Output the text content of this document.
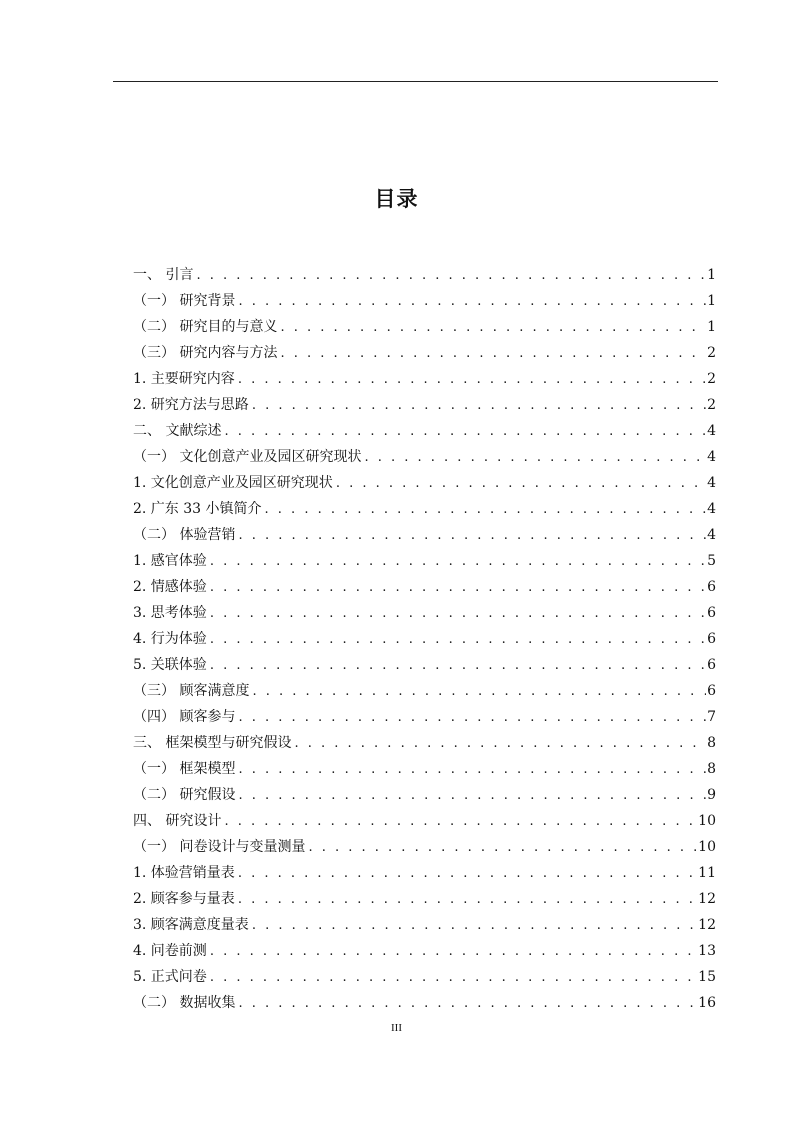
目录
一、 引言 . . .	1
（一） 研究背景 . . .	1
（二） 研究目的与意义 . . .	1
（三） 研究内容与方法 . . .	2
1. 主要研究内容 . . .	2
2. 研究方法与思路 . . .	2
二、 文献综述 . . .	4
（一） 文化创意产业及园区研究现状 . . .	4
1. 文化创意产业及园区研究现状 . . .	4
2. 广东 33 小镇简介 . . .	4
（二） 体验营销 . . .	4
1. 感官体验 . . .	5
2. 情感体验 . . .	6
3. 思考体验 . . .	6
4. 行为体验 . . .	6
5. 关联体验 . . .	6
（三） 顾客满意度 . . .	6
（四） 顾客参与 . . .	7
三、 框架模型与研究假设 . . .	8
（一） 框架模型 . . .	8
（二） 研究假设 . . .	9
四、 研究设计 . . .	10
（一） 问卷设计与变量测量 . . .	10
1. 体验营销量表 . . .	11
2. 顾客参与量表 . . .	12
3. 顾客满意度量表 . . .	12
4. 问卷前测 . . .	13
5. 正式问卷 . . .	15
（二） 数据收集 . . .	16
III
